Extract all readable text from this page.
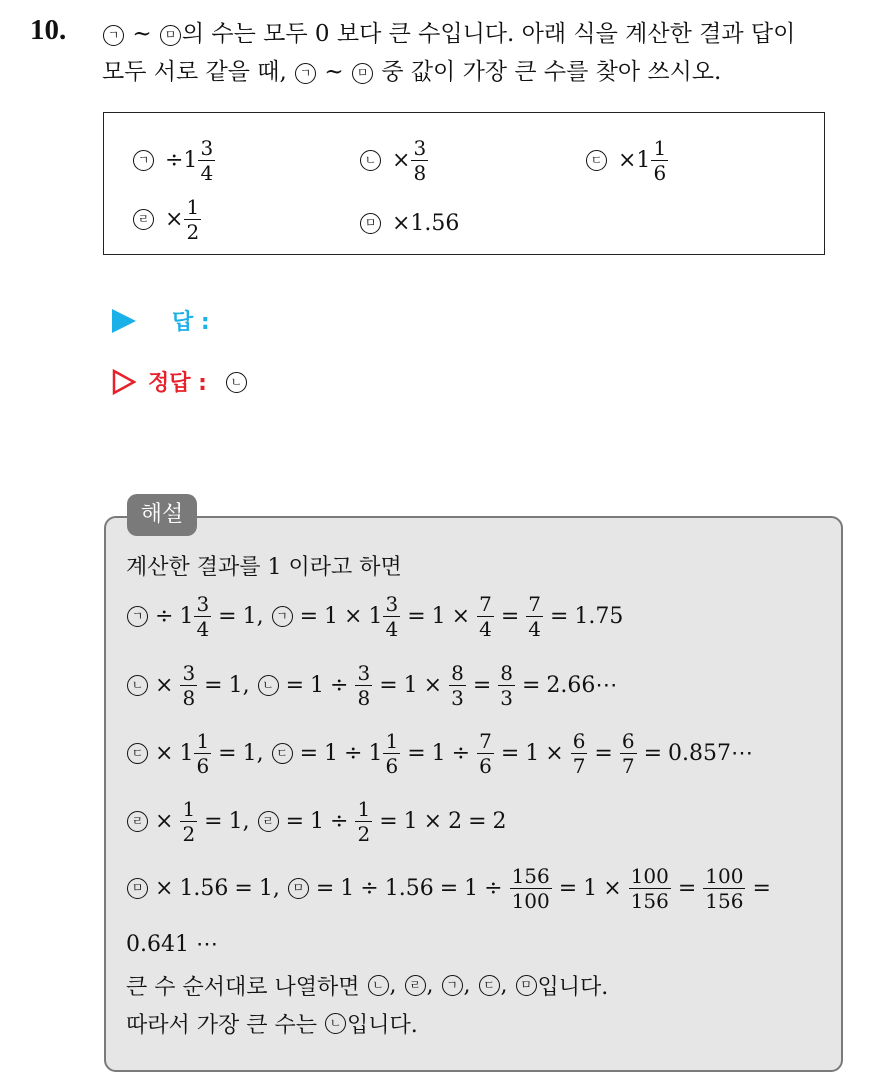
10.	ㄱ ~ ㅁ 의 수는 모두 0 보다 큰 수입니다. 아래 식을 계산한 결과 답이
모두 서로 같을 때, ㄱ ~ ㅁ 중 값이 가장 큰 수를 찾아 쓰시오.
ㄱ $\div 1 \frac{3}{4}$	ㄴ × $\frac{3}{8}$	ㄷ $\times 1 \frac{1}{6}$
ㄹ × $\frac{1}{2}$	ㅁ ×1.56
답 :
정답 :	ㄴ
해설
계산한 결과를 1 이라고 하면
ㄱ ÷ $1 \frac{3}{4} = 1$, ㄱ = $1 \times 1 \frac{3}{4} = 1 \times \frac{7}{4} = \frac{7}{4} = 1.75$
ㄴ × $\frac{3}{8} = 1$, ㄴ = $1 \div \frac{3}{8} = 1 \times \frac{8}{3} = \frac{8}{3}$ = 2.66⋯
ㄷ × $1 \frac{1}{6} = 1$, ㄷ = $1 \div 1 \frac{1}{6} = 1 \div \frac{7}{6} = 1 \times \frac{6}{7} = \frac{6}{7}$ = 0.857⋯
ㄹ × $\frac{1}{2} = 1$, ㄹ = $1 \div \frac{1}{2} = 1 \times 2 = 2$
ㅁ × 1.56 = 1, ㅁ = $1 \div 1.56 = 1 \div \frac{156}{100} = 1 \times \frac{100}{156} = \frac{100}{156}$ =
0.641 ⋯
큰 수 순서대로 나열하면
	ㄴ , ㄹ , ㄱ , ㄷ , ㅁ 입니다.
따라서 가장 큰 수는
	ㄴ 입니다.
